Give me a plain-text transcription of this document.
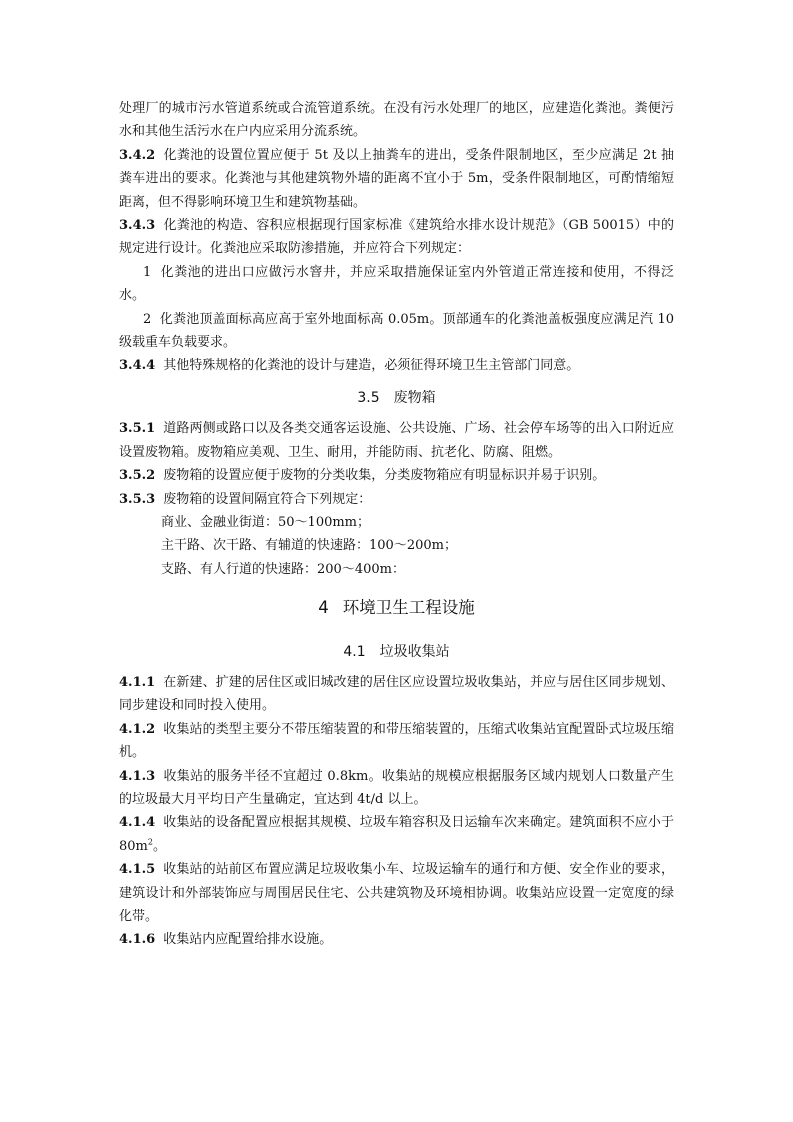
处理厂的城市污水管道系统或合流管道系统。在没有污水处理厂的地区，应建造化粪池。粪便污水和其他生活污水在户内应采用分流系统。

3.4.2 化粪池的设置位置应便于 5t 及以上抽粪车的进出，受条件限制地区，至少应满足 2t 抽粪车进出的要求。化粪池与其他建筑物外墙的距离不宜小于 5m，受条件限制地区，可酌情缩短距离，但不得影响环境卫生和建筑物基础。

3.4.3 化粪池的构造、容积应根据现行国家标准《建筑给水排水设计规范》（GB 50015）中的规定进行设计。化粪池应采取防渗措施，并应符合下列规定：

1 化粪池的进出口应做污水窨井，并应采取措施保证室内外管道正常连接和使用，不得泛水。

2 化粪池顶盖面标高应高于室外地面标高 0.05m。顶部通车的化粪池盖板强度应满足汽 10 级载重车负载要求。

3.4.4 其他特殊规格的化粪池的设计与建造，必须征得环境卫生主管部门同意。

3.5 废物箱

3.5.1 道路两侧或路口以及各类交通客运设施、公共设施、广场、社会停车场等的出入口附近应设置废物箱。废物箱应美观、卫生、耐用，并能防雨、抗老化、防腐、阻燃。

3.5.2 废物箱的设置应便于废物的分类收集，分类废物箱应有明显标识并易于识别。

3.5.3 废物箱的设置间隔宜符合下列规定：

商业、金融业街道：50～100mm；

主干路、次干路、有辅道的快速路：100～200m；

支路、有人行道的快速路：200～400m：

4 环境卫生工程设施

4.1 垃圾收集站

4.1.1 在新建、扩建的居住区或旧城改建的居住区应设置垃圾收集站，并应与居住区同步规划、同步建设和同时投入使用。

4.1.2 收集站的类型主要分不带压缩装置的和带压缩装置的，压缩式收集站宜配置卧式垃圾压缩机。

4.1.3 收集站的服务半径不宜超过 0.8km。收集站的规模应根据服务区域内规划人口数量产生的垃圾最大月平均日产生量确定，宜达到 4t/d 以上。

4.1.4 收集站的设备配置应根据其规模、垃圾车箱容积及日运输车次来确定。建筑面积不应小于 $80m^2$。

4.1.5 收集站的站前区布置应满足垃圾收集小车、垃圾运输车的通行和方便、安全作业的要求，建筑设计和外部装饰应与周围居民住宅、公共建筑物及环境相协调。收集站应设置一定宽度的绿化带。

4.1.6 收集站内应配置给排水设施。
